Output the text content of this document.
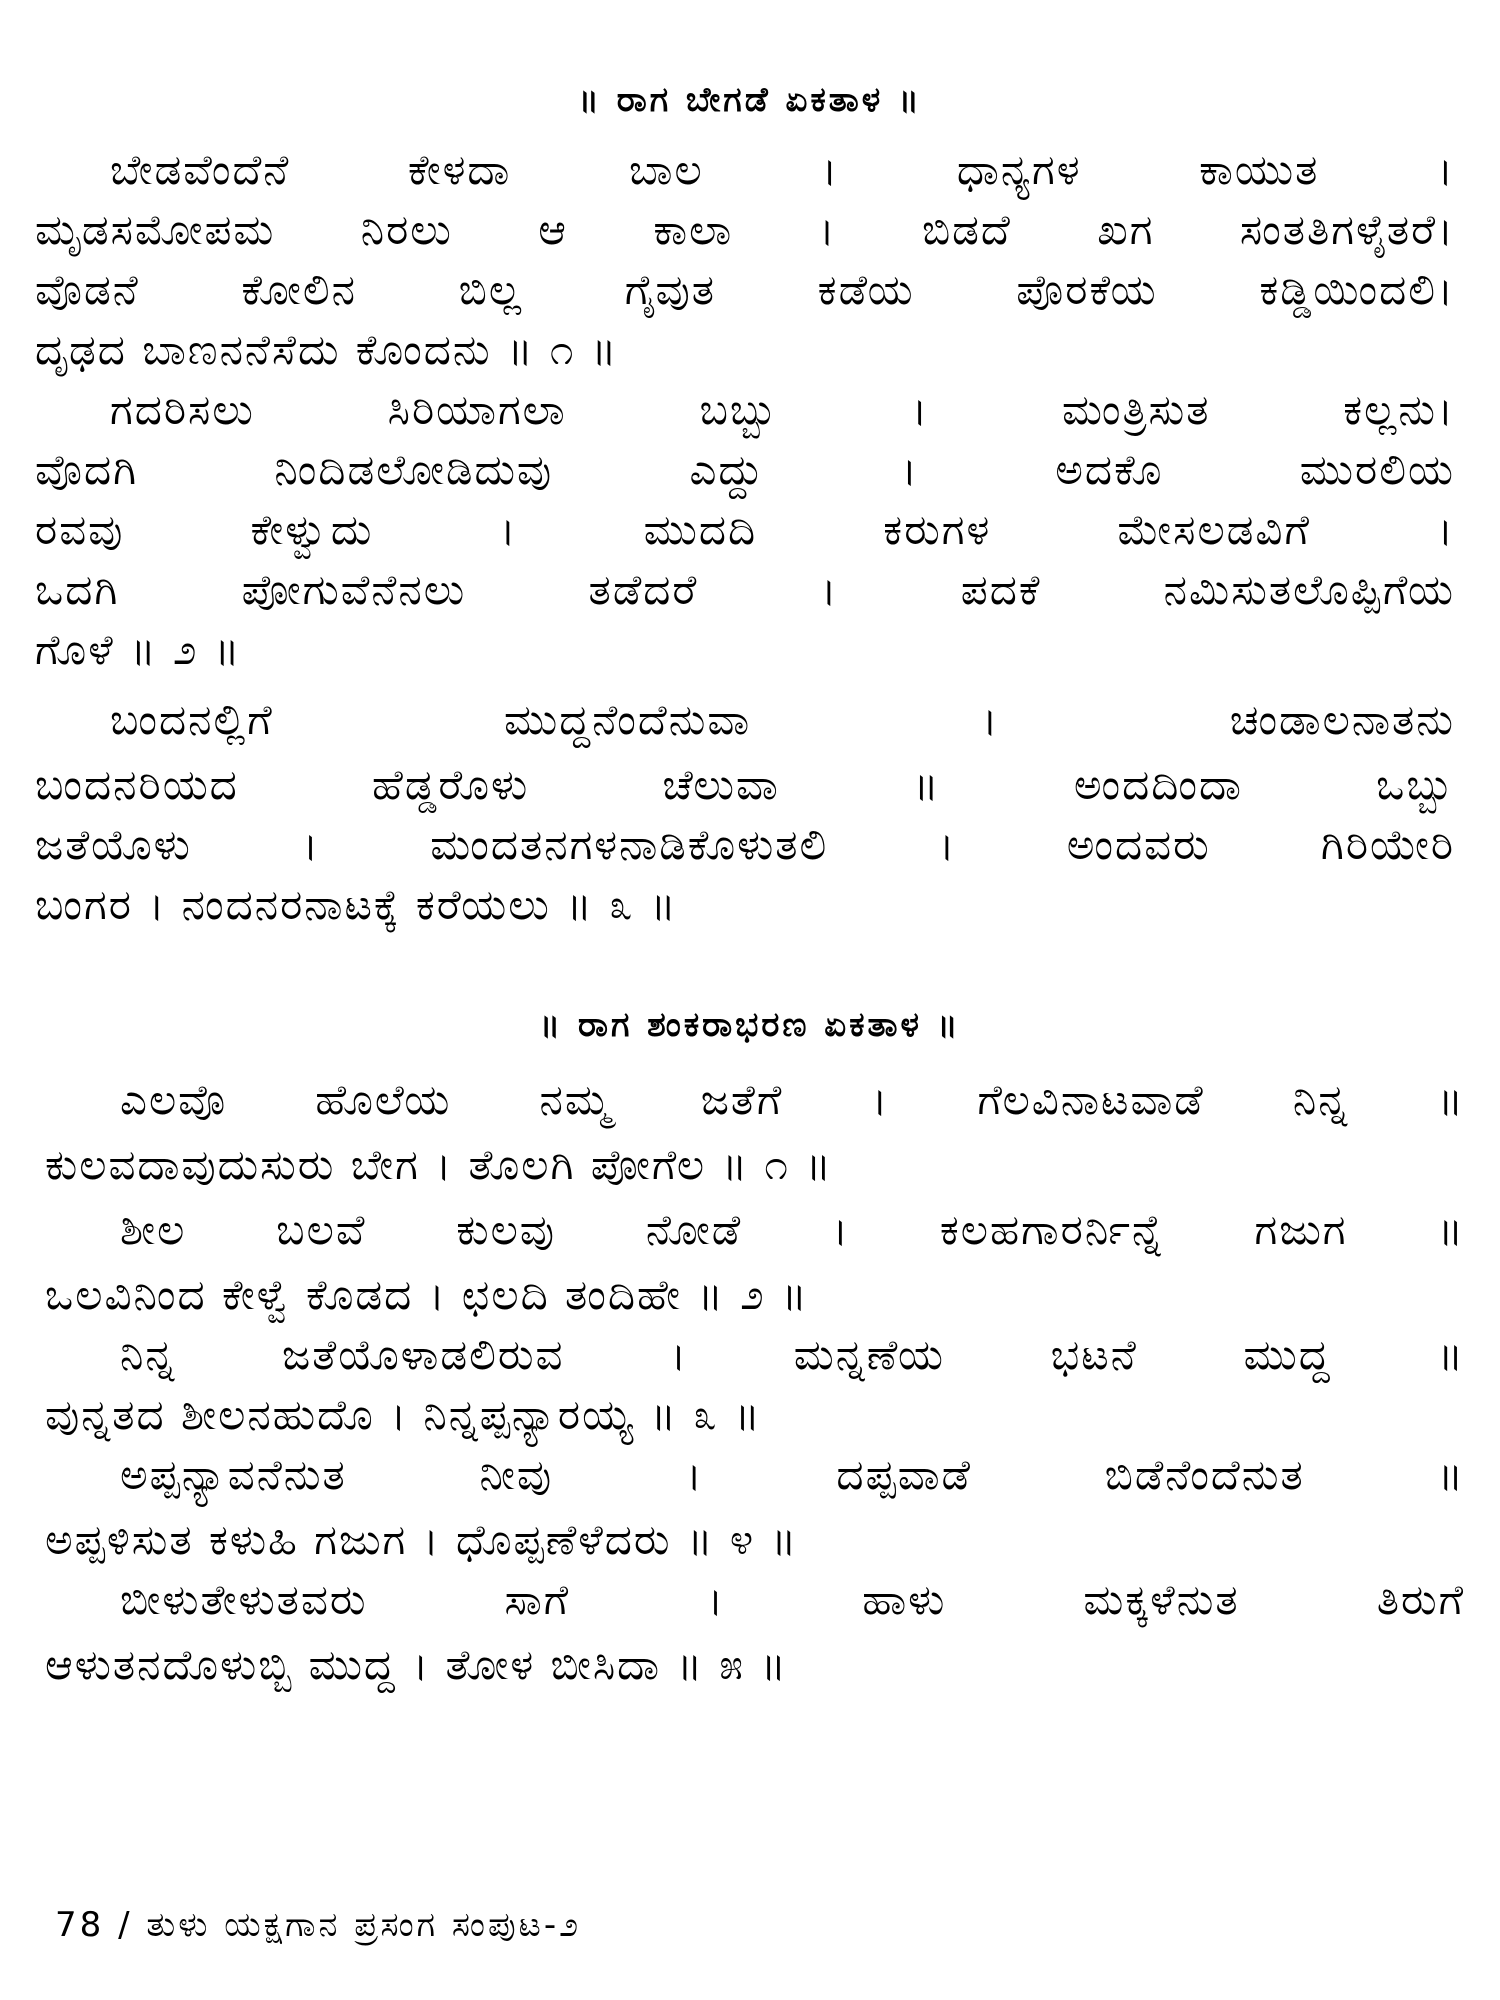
॥ ರಾಗ ಬೇಗಡೆ ಏಕತಾಳ ॥
ಬೇಡವೆಂದೆನೆ ಕೇಳದಾ ಬಾಲ । ಧಾನ್ಯಗಳ ಕಾಯುತ ।
ಮೃಡಸಮೋಪಮ ನಿರಲು ಆ ಕಾಲಾ । ಬಿಡದೆ ಖಗ ಸಂತತಿಗಳೈತರೆ।
ವೊಡನೆ ಕೋಲಿನ ಬಿಲ್ಲ ಗೈವುತ ಕಡೆಯ ಪೊರಕೆಯ ಕಡ್ಡಿಯಿಂದಲಿ।
ದೃಢದ ಬಾಣನನೆಸೆದು ಕೊಂದನು ॥ ೧ ॥
ಗದರಿಸಲು ಸಿರಿಯಾಗಲಾ ಬಬ್ಬು । ಮಂತ್ರಿಸುತ ಕಲ್ಲನು।
ವೊದಗಿ ನಿಂದಿಡಲೋಡಿದುವು ಎದ್ದು । ಅದಕೊ ಮುರಲಿಯ
ರವವು ಕೇಳ್ವುದು । ಮುದದಿ ಕರುಗಳ ಮೇಸಲಡವಿಗೆ ।
ಒದಗಿ ಪೋಗುವೆನೆನಲು ತಡೆದರೆ । ಪದಕೆ ನಮಿಸುತಲೊಪ್ಪಿಗೆಯ
ಗೊಳೆ ॥ ೨ ॥
ಬಂದನಲ್ಲಿಗೆ ಮುದ್ದನೆಂದೆನುವಾ । ಚಂಡಾಲನಾತನು
ಬಂದನರಿಯದ ಹೆಡ್ಡರೊಳು ಚೆಲುವಾ ॥ ಅಂದದಿಂದಾ ಒಬ್ಬು
ಜತೆಯೊಳು । ಮಂದತನಗಳನಾಡಿಕೊಳುತಲಿ । ಅಂದವರು ಗಿರಿಯೇರಿ
ಬಂಗರ । ನಂದನರನಾಟಕ್ಕೆ ಕರೆಯಲು ॥ ೩ ॥
॥ ರಾಗ ಶಂಕರಾಭರಣ ಏಕತಾಳ ॥
ಎಲವೊ ಹೊಲೆಯ ನಮ್ಮ ಜತೆಗೆ । ಗೆಲವಿನಾಟವಾಡೆ ನಿನ್ನ ॥
ಕುಲವದಾವುದುಸುರು ಬೇಗ । ತೊಲಗಿ ಪೋಗೆಲ ॥ ೧ ॥
ಶೀಲ ಬಲವೆ ಕುಲವು ನೋಡೆ । ಕಲಹಗಾರರ್ನಿನ್ನೆ ಗಜುಗ ॥
ಒಲವಿನಿಂದ ಕೇಳ್ವೆ ಕೊಡದ । ಛಲದಿ ತಂದಿಹೇ ॥ ೨ ॥
ನಿನ್ನ ಜತೆಯೊಳಾಡಲಿರುವ । ಮನ್ನಣೆಯ ಭಟನೆ ಮುದ್ದ ॥
ವುನ್ನತದ ಶೀಲನಹುದೊ । ನಿನ್ನಪ್ಪನ್ಯಾರಯ್ಯ ॥ ೩ ॥
ಅಪ್ಪನ್ಯಾವನೆನುತ ನೀವು । ದಪ್ಪವಾಡೆ ಬಿಡೆನೆಂದೆನುತ ॥
ಅಪ್ಪಳಿಸುತ ಕಳುಹಿ ಗಜುಗ । ಧೊಪ್ಪಣೆಳೆದರು ॥ ೪ ॥
ಬೀಳುತೇಳುತವರು ಸಾಗೆ । ಹಾಳು ಮಕ್ಕಳೆನುತ ತಿರುಗೆ
ಆಳುತನದೊಳುಬ್ಬಿ ಮುದ್ದ । ತೋಳ ಬೀಸಿದಾ ॥ ೫ ॥
78 / ತುಳು ಯಕ್ಷಗಾನ ಪ್ರಸಂಗ ಸಂಪುಟ-೨
